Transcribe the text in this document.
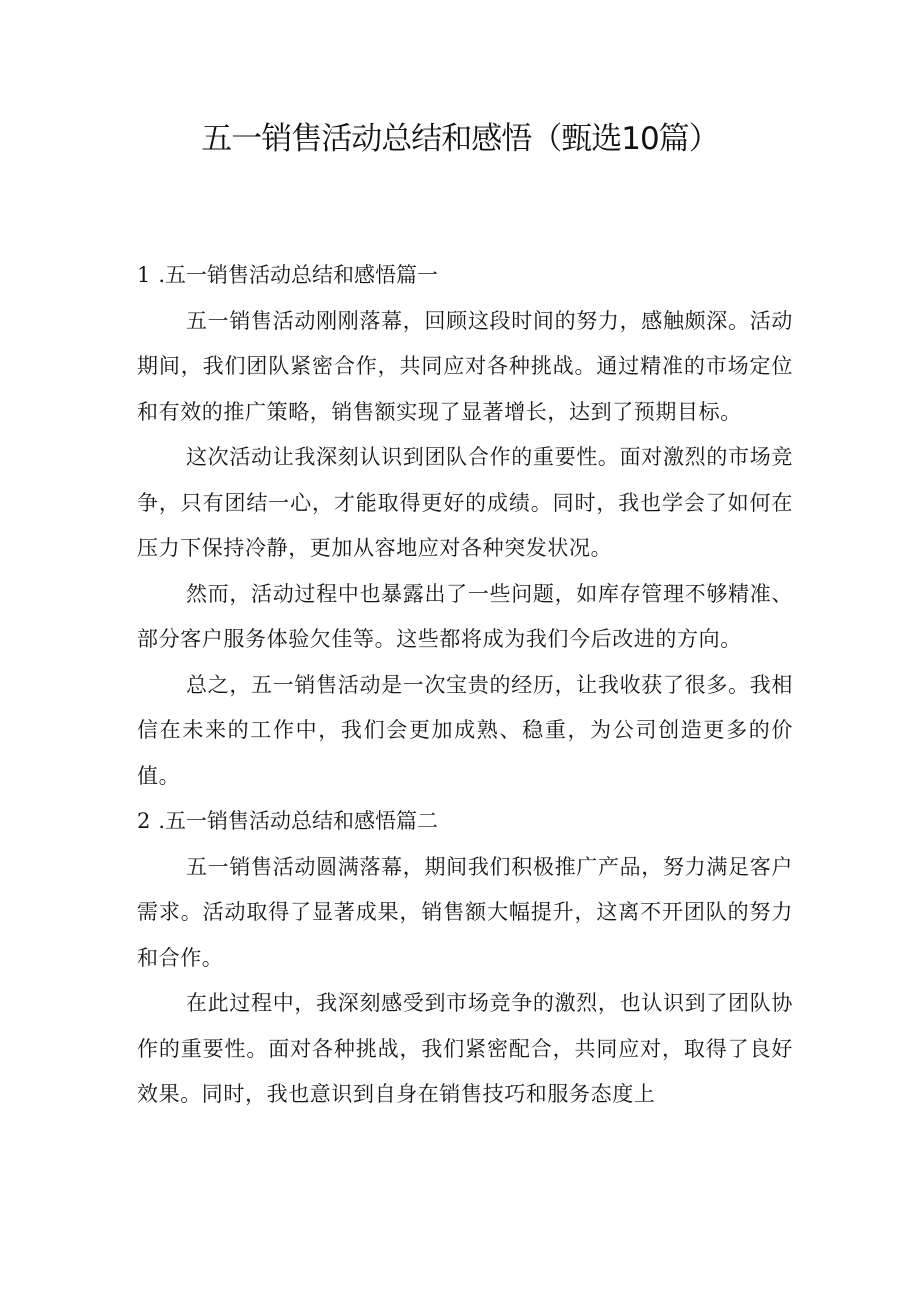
五一销售活动总结和感悟（甄选10篇）
1 .五一销售活动总结和感悟篇一

五一销售活动刚刚落幕，回顾这段时间的努力，感触颇深。活动期间，我们团队紧密合作，共同应对各种挑战。通过精准的市场定位和有效的推广策略，销售额实现了显著增长，达到了预期目标。

这次活动让我深刻认识到团队合作的重要性。面对激烈的市场竞争，只有团结一心，才能取得更好的成绩。同时，我也学会了如何在压力下保持冷静，更加从容地应对各种突发状况。

然而，活动过程中也暴露出了一些问题，如库存管理不够精准、部分客户服务体验欠佳等。这些都将成为我们今后改进的方向。

总之，五一销售活动是一次宝贵的经历，让我收获了很多。我相信在未来的工作中，我们会更加成熟、稳重，为公司创造更多的价值。

2 .五一销售活动总结和感悟篇二

五一销售活动圆满落幕，期间我们积极推广产品，努力满足客户需求。活动取得了显著成果，销售额大幅提升，这离不开团队的努力和合作。

在此过程中，我深刻感受到市场竞争的激烈，也认识到了团队协作的重要性。面对各种挑战，我们紧密配合，共同应对，取得了良好效果。同时，我也意识到自身在销售技巧和服务态度上
